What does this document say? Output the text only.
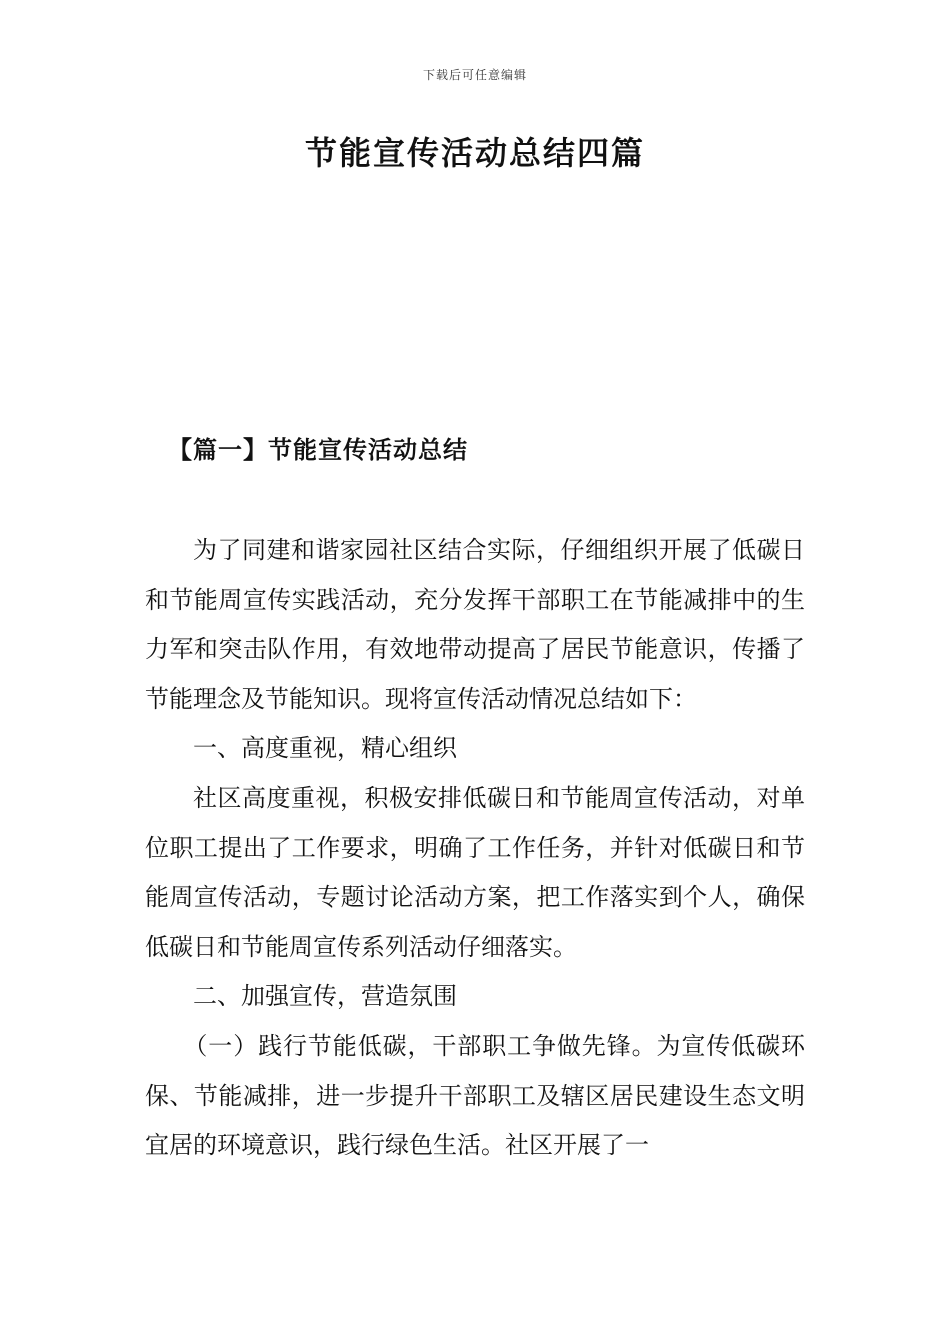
下载后可任意编辑
节能宣传活动总结四篇
【篇一】节能宣传活动总结

为了同建和谐家园社区结合实际，仔细组织开展了低碳日和节能周宣传实践活动，充分发挥干部职工在节能减排中的生力军和突击队作用，有效地带动提高了居民节能意识，传播了节能理念及节能知识。现将宣传活动情况总结如下：

一、高度重视，精心组织

社区高度重视，积极安排低碳日和节能周宣传活动，对单位职工提出了工作要求，明确了工作任务，并针对低碳日和节能周宣传活动，专题讨论活动方案，把工作落实到个人，确保低碳日和节能周宣传系列活动仔细落实。

二、加强宣传，营造氛围

（一）践行节能低碳，干部职工争做先锋。为宣传低碳环保、节能减排，进一步提升干部职工及辖区居民建设生态文明宜居的环境意识，践行绿色生活。社区开展了一
